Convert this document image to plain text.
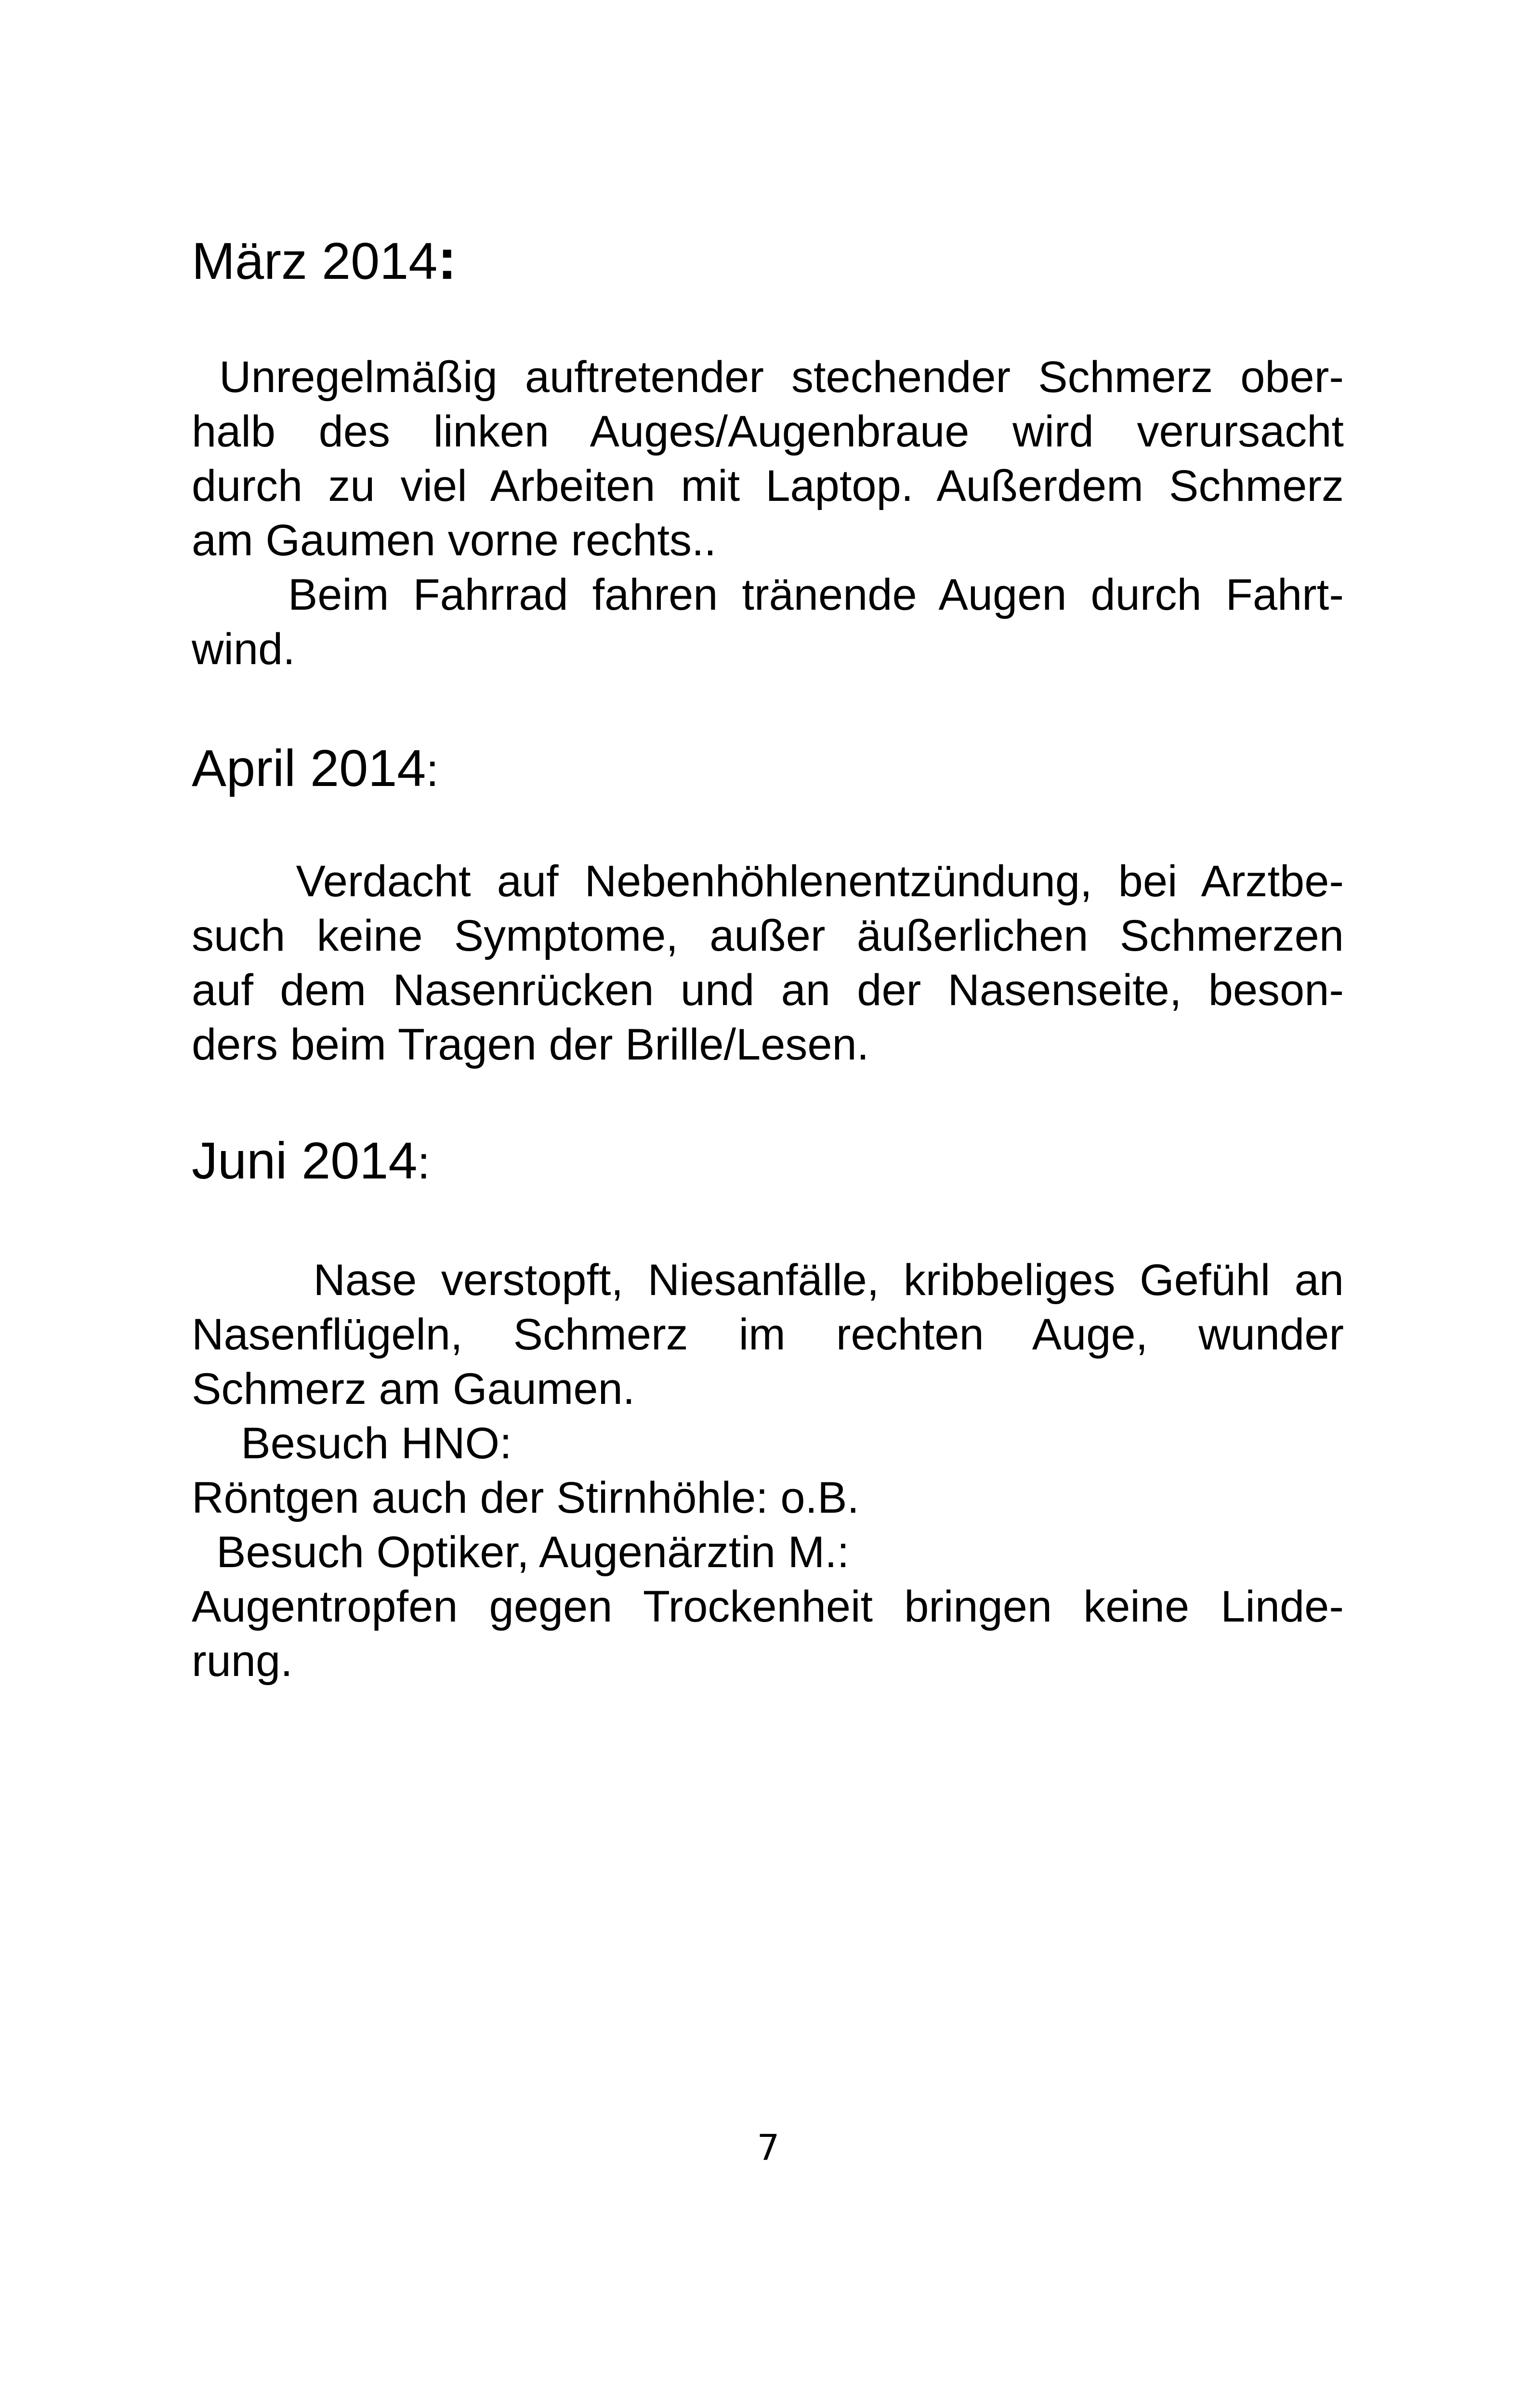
März 2014:
Unregelmäßig auftretender stechender Schmerz ober-
halb des linken Auges/Augenbraue wird verursacht
durch zu viel Arbeiten mit Laptop. Außerdem Schmerz
am Gaumen vorne rechts..
Beim Fahrrad fahren tränende Augen durch Fahrt-
wind.
April 2014:
Verdacht auf Nebenhöhlenentzündung, bei Arztbe-
such keine Symptome, außer äußerlichen Schmerzen
auf dem Nasenrücken und an der Nasenseite, beson-
ders beim Tragen der Brille/Lesen.
Juni 2014:
Nase verstopft, Niesanfälle, kribbeliges Gefühl an
Nasenflügeln, Schmerz im rechten Auge, wunder
Schmerz am Gaumen.
Besuch HNO:
Röntgen auch der Stirnhöhle: o.B.
Besuch Optiker, Augenärztin M.:
Augentropfen gegen Trockenheit bringen keine Linde-
rung.
7
